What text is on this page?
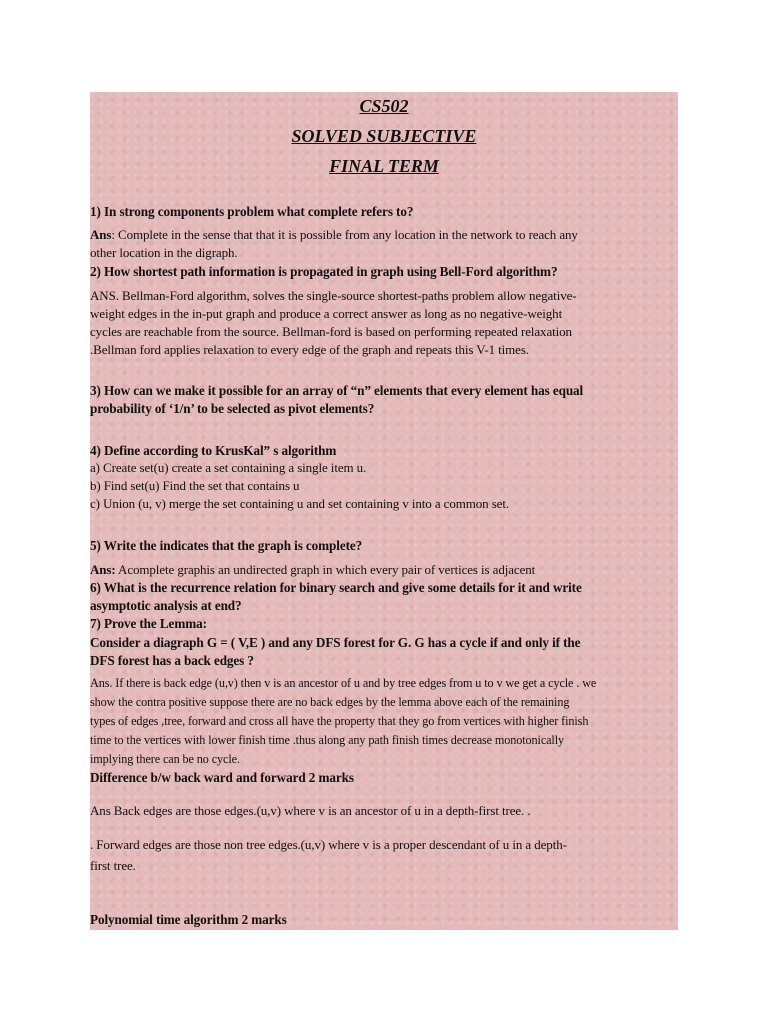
CS502
SOLVED SUBJECTIVE
FINAL TERM
1) In strong components problem what complete refers to?
Ans: Complete in the sense that that it is possible from any location in the network to reach any
other location in the digraph.
2) How shortest path information is propagated in graph using Bell-Ford algorithm?
ANS. Bellman-Ford algorithm, solves the single-source shortest-paths problem allow negative-
weight edges in the in-put graph and produce a correct answer as long as no negative-weight
cycles are reachable from the source. Bellman-ford is based on performing repeated relaxation
.Bellman ford applies relaxation to every edge of the graph and repeats this V-1 times.
3) How can we make it possible for an array of “n” elements that every element has equal
probability of ‘1/n’ to be selected as pivot elements?
4) Define according to KrusKal” s algorithm
a) Create set(u) create a set containing a single item u.
b) Find set(u) Find the set that contains u
c) Union (u, v) merge the set containing u and set containing v into a common set.
5) Write the indicates that the graph is complete?
Ans: Acomplete graphis an undirected graph in which every pair of vertices is adjacent
6) What is the recurrence relation for binary search and give some details for it and write
asymptotic analysis at end?
7) Prove the Lemma:
Consider a diagraph G = ( V,E ) and any DFS forest for G. G has a cycle if and only if the
DFS forest has a back edges ?
Ans. If there is back edge (u,v) then v is an ancestor of u and by tree edges from u to v we get a cycle . we
show the contra positive suppose there are no back edges by the lemma above each of the remaining
types of edges ,tree, forward and cross all have the property that they go from vertices with higher finish
time to the vertices with lower finish time .thus along any path finish times decrease monotonically
implying there can be no cycle.
Difference b/w back ward and forward 2 marks
Ans Back edges are those edges.(u,v) where v is an ancestor of u in a depth-first tree. .
. Forward edges are those non tree edges.(u,v) where v is a proper descendant of u in a depth-
first tree.
Polynomial time algorithm 2 marks
